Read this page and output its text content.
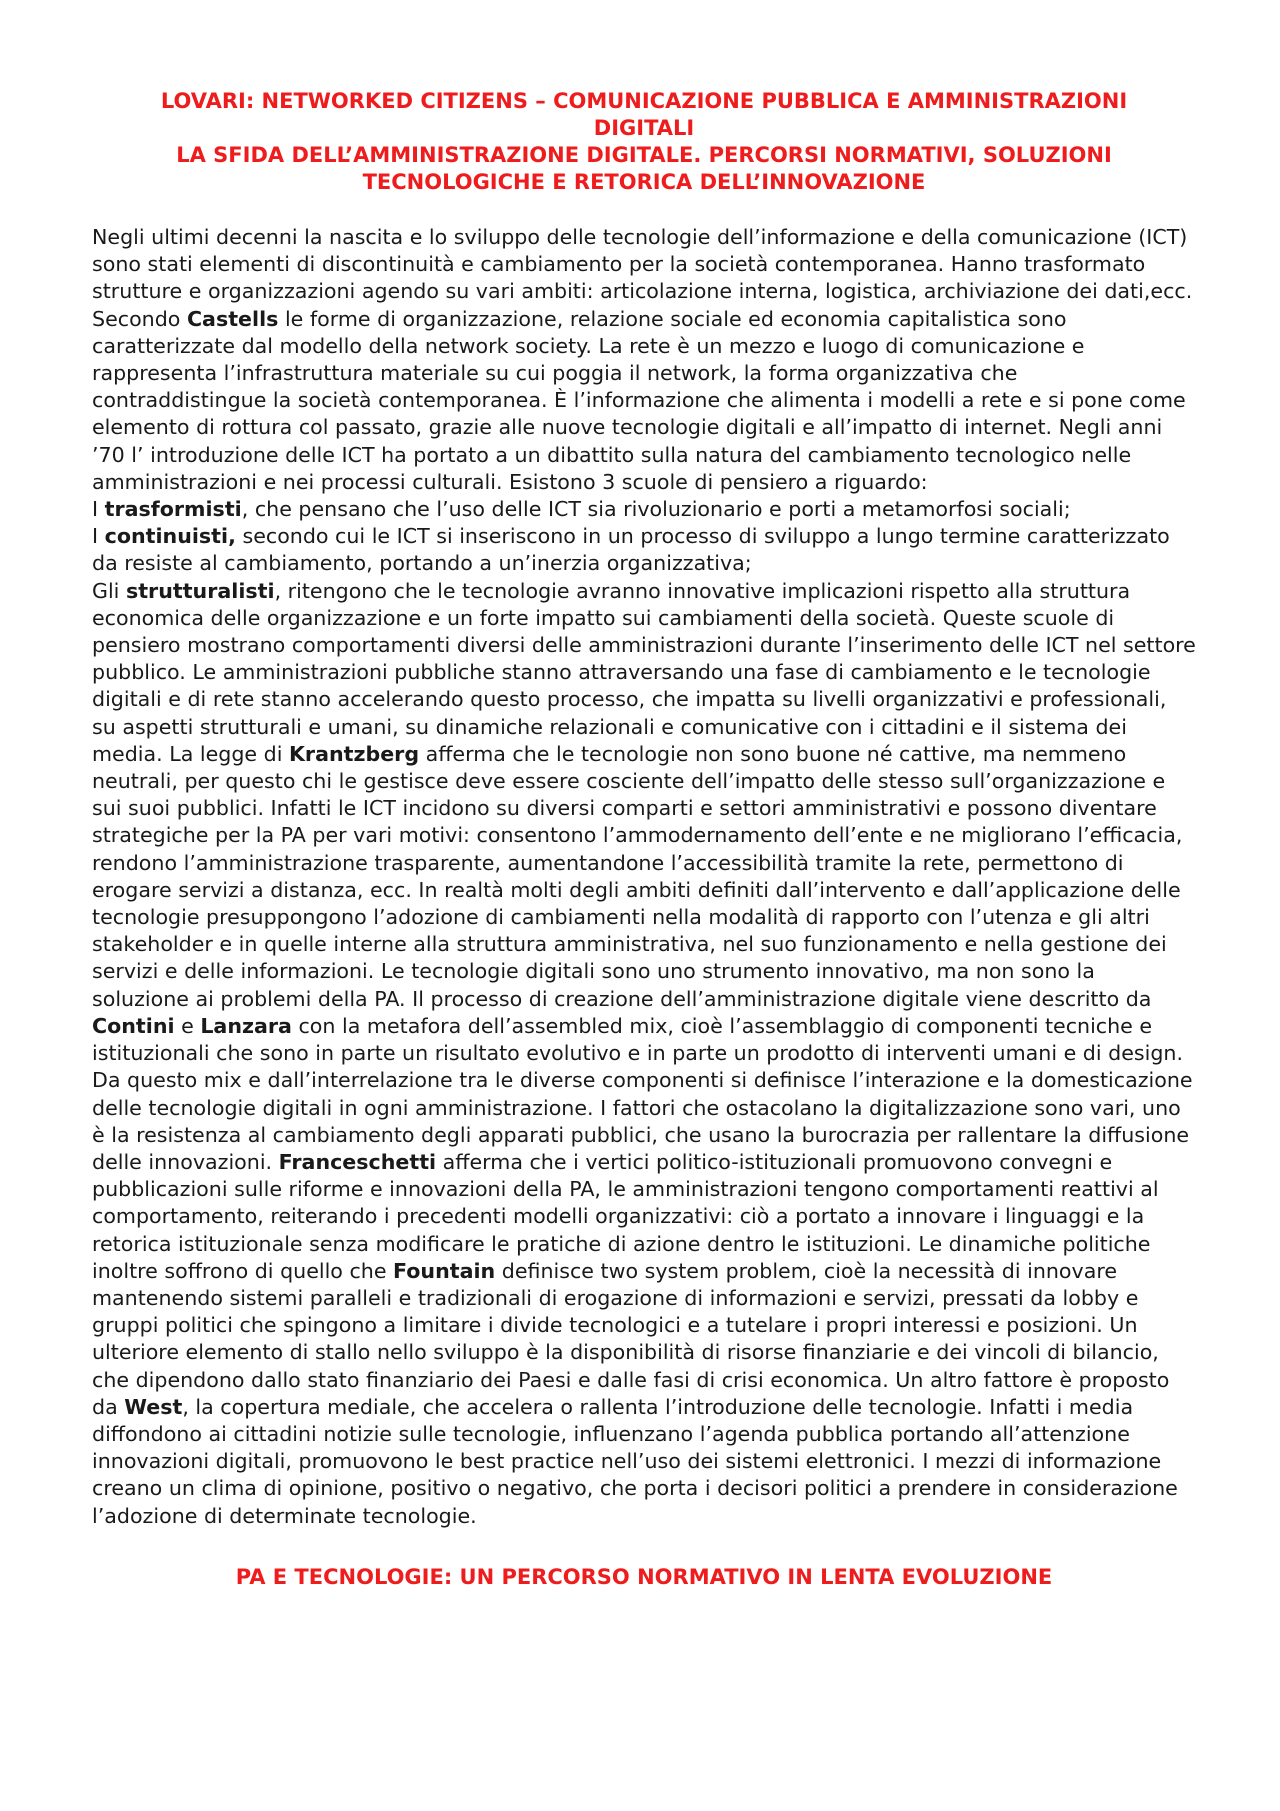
LOVARI: NETWORKED CITIZENS – COMUNICAZIONE PUBBLICA E AMMINISTRAZIONI
DIGITALI
LA SFIDA DELL’AMMINISTRAZIONE DIGITALE. PERCORSI NORMATIVI, SOLUZIONI
TECNOLOGICHE E RETORICA DELL’INNOVAZIONE

Negli ultimi decenni la nascita e lo sviluppo delle tecnologie dell’informazione e della comunicazione (ICT) sono stati elementi di discontinuità e cambiamento per la società contemporanea. Hanno trasformato strutture e organizzazioni agendo su vari ambiti: articolazione interna, logistica, archiviazione dei dati,ecc. Secondo Castells le forme di organizzazione, relazione sociale ed economia capitalistica sono caratterizzate dal modello della network society. La rete è un mezzo e luogo di comunicazione e rappresenta l’infrastruttura materiale su cui poggia il network, la forma organizzativa che contraddistingue la società contemporanea. È l’informazione che alimenta i modelli a rete e si pone come elemento di rottura col passato, grazie alle nuove tecnologie digitali e all’impatto di internet. Negli anni ’70 l’ introduzione delle ICT ha portato a un dibattito sulla natura del cambiamento tecnologico nelle amministrazioni e nei processi culturali. Esistono 3 scuole di pensiero a riguardo:
I trasformisti, che pensano che l’uso delle ICT sia rivoluzionario e porti a metamorfosi sociali;
I continuisti, secondo cui le ICT si inseriscono in un processo di sviluppo a lungo termine caratterizzato da resiste al cambiamento, portando a un’inerzia organizzativa;
Gli strutturalisti, ritengono che le tecnologie avranno innovative implicazioni rispetto alla struttura economica delle organizzazione e un forte impatto sui cambiamenti della società. Queste scuole di pensiero mostrano comportamenti diversi delle amministrazioni durante l’inserimento delle ICT nel settore pubblico. Le amministrazioni pubbliche stanno attraversando una fase di cambiamento e le tecnologie digitali e di rete stanno accelerando questo processo, che impatta su livelli organizzativi e professionali, su aspetti strutturali e umani, su dinamiche relazionali e comunicative con i cittadini e il sistema dei media. La legge di Krantzberg afferma che le tecnologie non sono buone né cattive, ma nemmeno neutrali, per questo chi le gestisce deve essere cosciente dell’impatto delle stesso sull’organizzazione e sui suoi pubblici. Infatti le ICT incidono su diversi comparti e settori amministrativi e possono diventare strategiche per la PA per vari motivi: consentono l’ammodernamento dell’ente e ne migliorano l’efficacia, rendono l’amministrazione trasparente, aumentandone l’accessibilità tramite la rete, permettono di erogare servizi a distanza, ecc. In realtà molti degli ambiti definiti dall’intervento e dall’applicazione delle tecnologie presuppongono l’adozione di cambiamenti nella modalità di rapporto con l’utenza e gli altri stakeholder e in quelle interne alla struttura amministrativa, nel suo funzionamento e nella gestione dei servizi e delle informazioni. Le tecnologie digitali sono uno strumento innovativo, ma non sono la soluzione ai problemi della PA. Il processo di creazione dell’amministrazione digitale viene descritto da Contini e Lanzara con la metafora dell’assembled mix, cioè l’assemblaggio di componenti tecniche e istituzionali che sono in parte un risultato evolutivo e in parte un prodotto di interventi umani e di design. Da questo mix e dall’interrelazione tra le diverse componenti si definisce l’interazione e la domesticazione delle tecnologie digitali in ogni amministrazione. I fattori che ostacolano la digitalizzazione sono vari, uno è la resistenza al cambiamento degli apparati pubblici, che usano la burocrazia per rallentare la diffusione delle innovazioni. Franceschetti afferma che i vertici politico-istituzionali promuovono convegni e pubblicazioni sulle riforme e innovazioni della PA, le amministrazioni tengono comportamenti reattivi al comportamento, reiterando i precedenti modelli organizzativi: ciò a portato a innovare i linguaggi e la retorica istituzionale senza modificare le pratiche di azione dentro le istituzioni. Le dinamiche politiche inoltre soffrono di quello che Fountain definisce two system problem, cioè la necessità di innovare mantenendo sistemi paralleli e tradizionali di erogazione di informazioni e servizi, pressati da lobby e gruppi politici che spingono a limitare i divide tecnologici e a tutelare i propri interessi e posizioni. Un ulteriore elemento di stallo nello sviluppo è la disponibilità di risorse finanziarie e dei vincoli di bilancio, che dipendono dallo stato finanziario dei Paesi e dalle fasi di crisi economica. Un altro fattore è proposto da West, la copertura mediale, che accelera o rallenta l’introduzione delle tecnologie. Infatti i media diffondono ai cittadini notizie sulle tecnologie, influenzano l’agenda pubblica portando all’attenzione innovazioni digitali, promuovono le best practice nell’uso dei sistemi elettronici. I mezzi di informazione creano un clima di opinione, positivo o negativo, che porta i decisori politici a prendere in considerazione l’adozione di determinate tecnologie.

PA E TECNOLOGIE: UN PERCORSO NORMATIVO IN LENTA EVOLUZIONE
